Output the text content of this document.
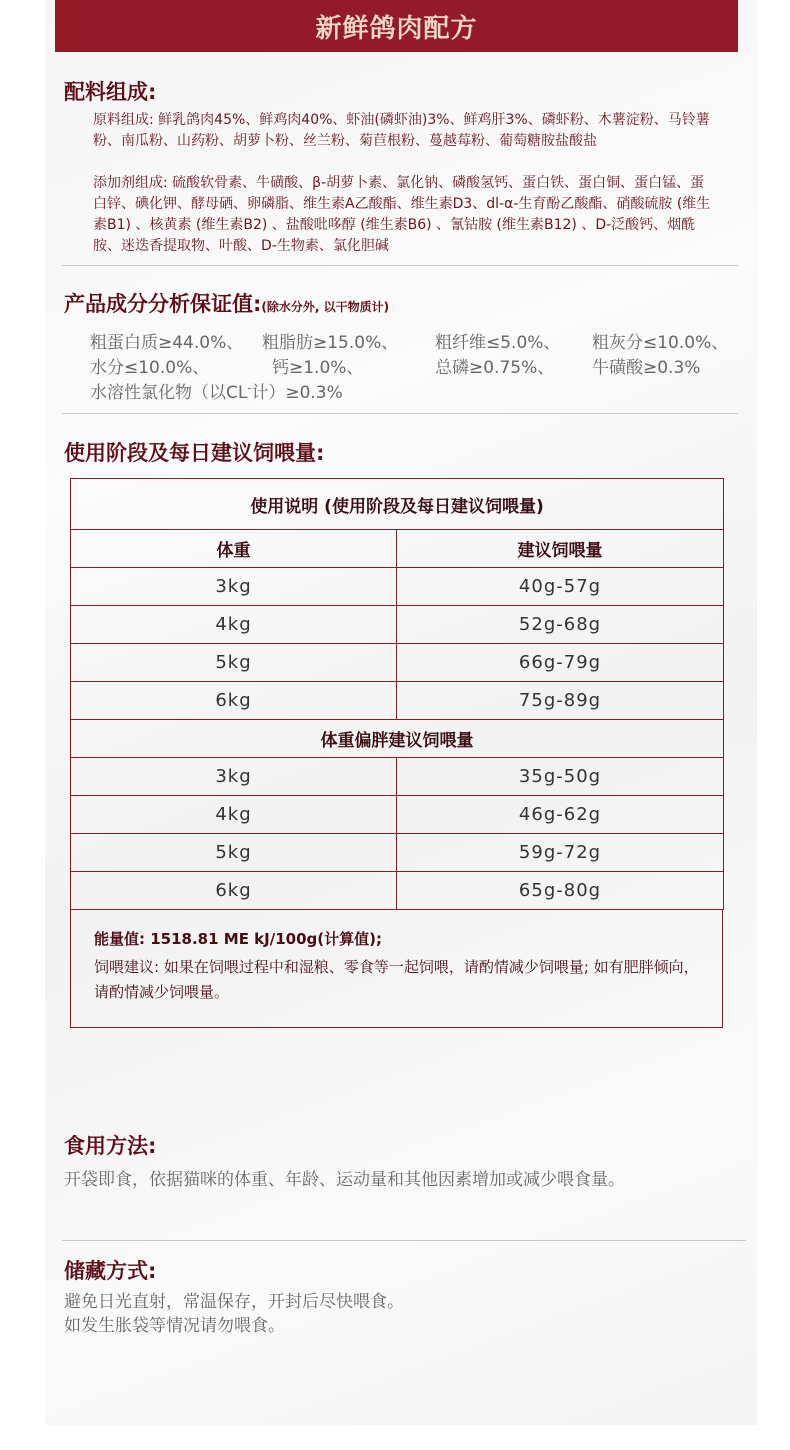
新鲜鸽肉配方
配料组成:
原料组成: 鲜乳鸽肉45%、鲜鸡肉40%、虾油(磷虾油)3%、鲜鸡肝3%、磷虾粉、木薯淀粉、马铃薯粉、南瓜粉、山药粉、胡萝卜粉、丝兰粉、菊苣根粉、蔓越莓粉、葡萄糖胺盐酸盐
添加剂组成: 硫酸软骨素、牛磺酸、β-胡萝卜素、氯化钠、磷酸氢钙、蛋白铁、蛋白铜、蛋白锰、蛋白锌、碘化钾、酵母硒、卵磷脂、维生素A乙酸酯、维生素D3、dl-α-生育酚乙酸酯、硝酸硫胺 (维生素B1) 、核黄素 (维生素B2) 、盐酸吡哆醇 (维生素B6) 、氰钴胺 (维生素B12) 、D-泛酸钙、烟酰胺、迷迭香提取物、叶酸、D-生物素、氯化胆碱
产品成分分析保证值:(除水分外, 以干物质计)
粗蛋白质≥44.0%、 粗脂肪≥15.0%、 粗纤维≤5.0%、 粗灰分≤10.0%、
水分≤10.0%、	钙≥1.0%、	总磷≥0.75%、 牛磺酸≥0.3%
水溶性氯化物（以CL-计）≥0.3%
使用阶段及每日建议饲喂量:
使用说明 (使用阶段及每日建议饲喂量)	
体重	建议饲喂量
3kg	40g-57g
4kg	52g-68g
5kg	66g-79g
6kg	75g-89g
体重偏胖建议饲喂量	
3kg	35g-50g
4kg	46g-62g
5kg	59g-72g
6kg	65g-80g
能量值: 1518.81 ME kJ/100g(计算值);
饲喂建议: 如果在饲喂过程中和湿粮、零食等一起饲喂，请酌情减少饲喂量; 如有肥胖倾向，请酌情减少饲喂量。
食用方法:
开袋即食，依据猫咪的体重、年龄、运动量和其他因素增加或减少喂食量。
储藏方式:
避免日光直射，常温保存，开封后尽快喂食。
如发生胀袋等情况请勿喂食。
